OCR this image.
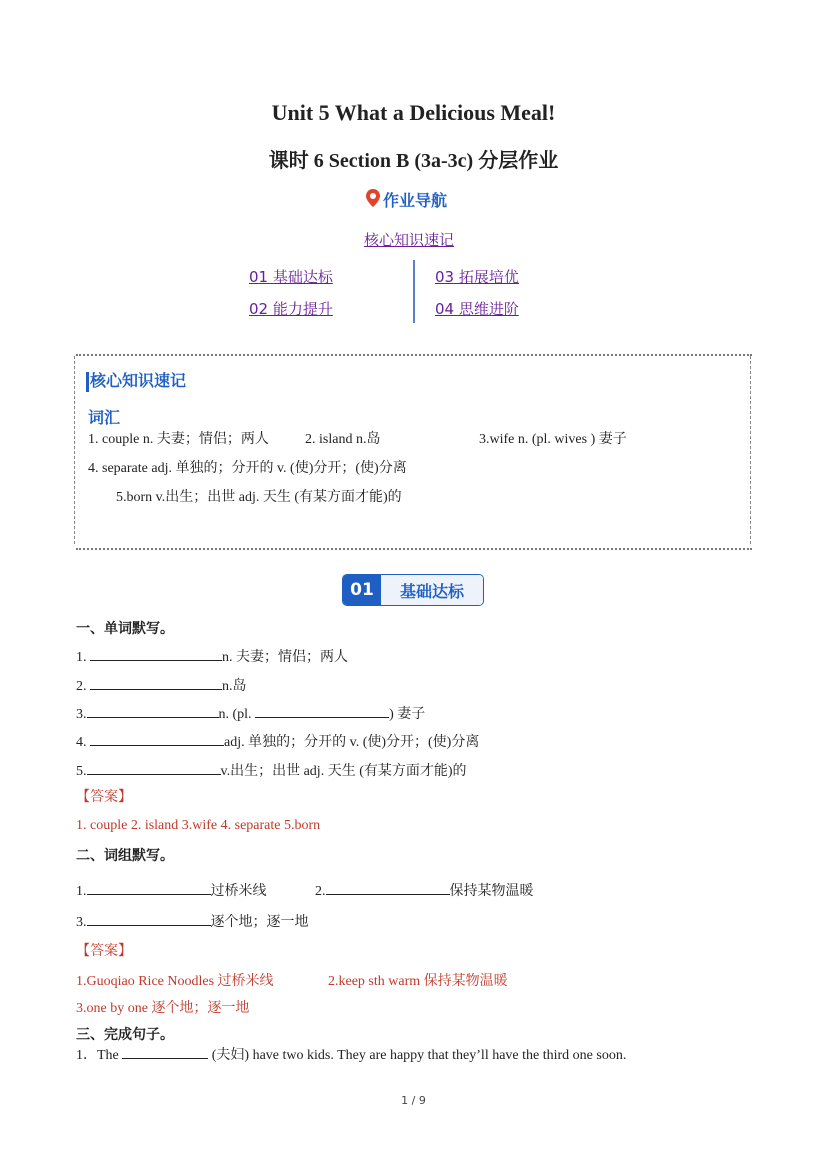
Unit 5 What a Delicious Meal!
课时 6 Section B (3a-3c) 分层作业
作业导航
核心知识速记
01 基础达标
02 能力提升
03 拓展培优
04 思维进阶
核心知识速记
词汇
1. couple n. 夫妻；情侣；两人	2. island n.岛	3.wife n. (pl. wives ) 妻子
4. separate adj. 单独的；分开的 v. (使)分开；(使)分离
5.born v.出生；出世 adj. 天生 (有某方面才能)的
01	基础达标
一、单词默写。
1.	n. 夫妻；情侣；两人
2.	n.岛
3.	n. (pl.	) 妻子
4.	adj. 单独的；分开的 v. (使)分开；(使)分离
5.	v.出生；出世 adj. 天生 (有某方面才能)的
【答案】
1. couple 2. island 3.wife 4. separate 5.born
二、词组默写。
1.	过桥米线	2.	保持某物温暖
3.	逐个地；逐一地
【答案】
1.Guoqiao Rice Noodles 过桥米线	2.keep sth warm 保持某物温暖
3.one by one 逐个地；逐一地
三、完成句子。
1．The	(夫妇) have two kids. They are happy that they’ll have the third one soon.
1 / 9
